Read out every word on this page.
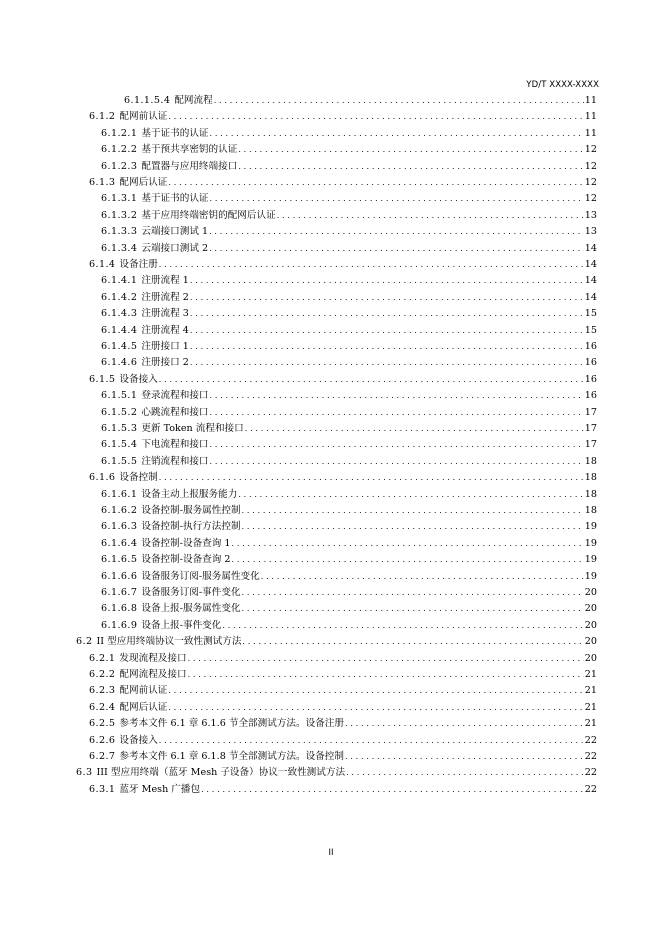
YD/T XXXX-XXXX
6.1.1.5.4 配网流程 .....	11
6.1.2 配网前认证 .....	11
6.1.2.1 基于证书的认证 .....	11
6.1.2.2 基于预共享密钥的认证 .....	12
6.1.2.3 配置器与应用终端接口 .....	12
6.1.3 配网后认证 .....	12
6.1.3.1 基于证书的认证 .....	12
6.1.3.2 基于应用终端密钥的配网后认证 .....	13
6.1.3.3 云端接口测试 1 .....	13
6.1.3.4 云端接口测试 2 .....	14
6.1.4 设备注册 .....	14
6.1.4.1 注册流程 1 .....	14
6.1.4.2 注册流程 2 .....	14
6.1.4.3 注册流程 3 .....	15
6.1.4.4 注册流程 4 .....	15
6.1.4.5 注册接口 1 .....	16
6.1.4.6 注册接口 2 .....	16
6.1.5 设备接入 .....	16
6.1.5.1 登录流程和接口 .....	16
6.1.5.2 心跳流程和接口 .....	17
6.1.5.3 更新 Token 流程和接口 .....	17
6.1.5.4 下电流程和接口 .....	17
6.1.5.5 注销流程和接口 .....	18
6.1.6 设备控制 .....	18
6.1.6.1 设备主动上报服务能力 .....	18
6.1.6.2 设备控制-服务属性控制 .....	18
6.1.6.3 设备控制-执行方法控制 .....	19
6.1.6.4 设备控制-设备查询 1 .....	19
6.1.6.5 设备控制-设备查询 2 .....	19
6.1.6.6 设备服务订阅-服务属性变化 .....	19
6.1.6.7 设备服务订阅-事件变化 .....	20
6.1.6.8 设备上报-服务属性变化 .....	20
6.1.6.9 设备上报-事件变化 .....	20
6.2 II 型应用终端协议一致性测试方法 .....	20
6.2.1 发现流程及接口 .....	20
6.2.2 配网流程及接口 .....	21
6.2.3 配网前认证 .....	21
6.2.4 配网后认证 .....	21
6.2.5 参考本文件 6.1 章 6.1.6 节全部测试方法。设备注册 .....	21
6.2.6 设备接入 .....	22
6.2.7 参考本文件 6.1 章 6.1.8 节全部测试方法。设备控制 .....	22
6.3 III 型应用终端（蓝牙 Mesh 子设备）协议一致性测试方法 .....	22
6.3.1 蓝牙 Mesh 广播包 .....	22
II
